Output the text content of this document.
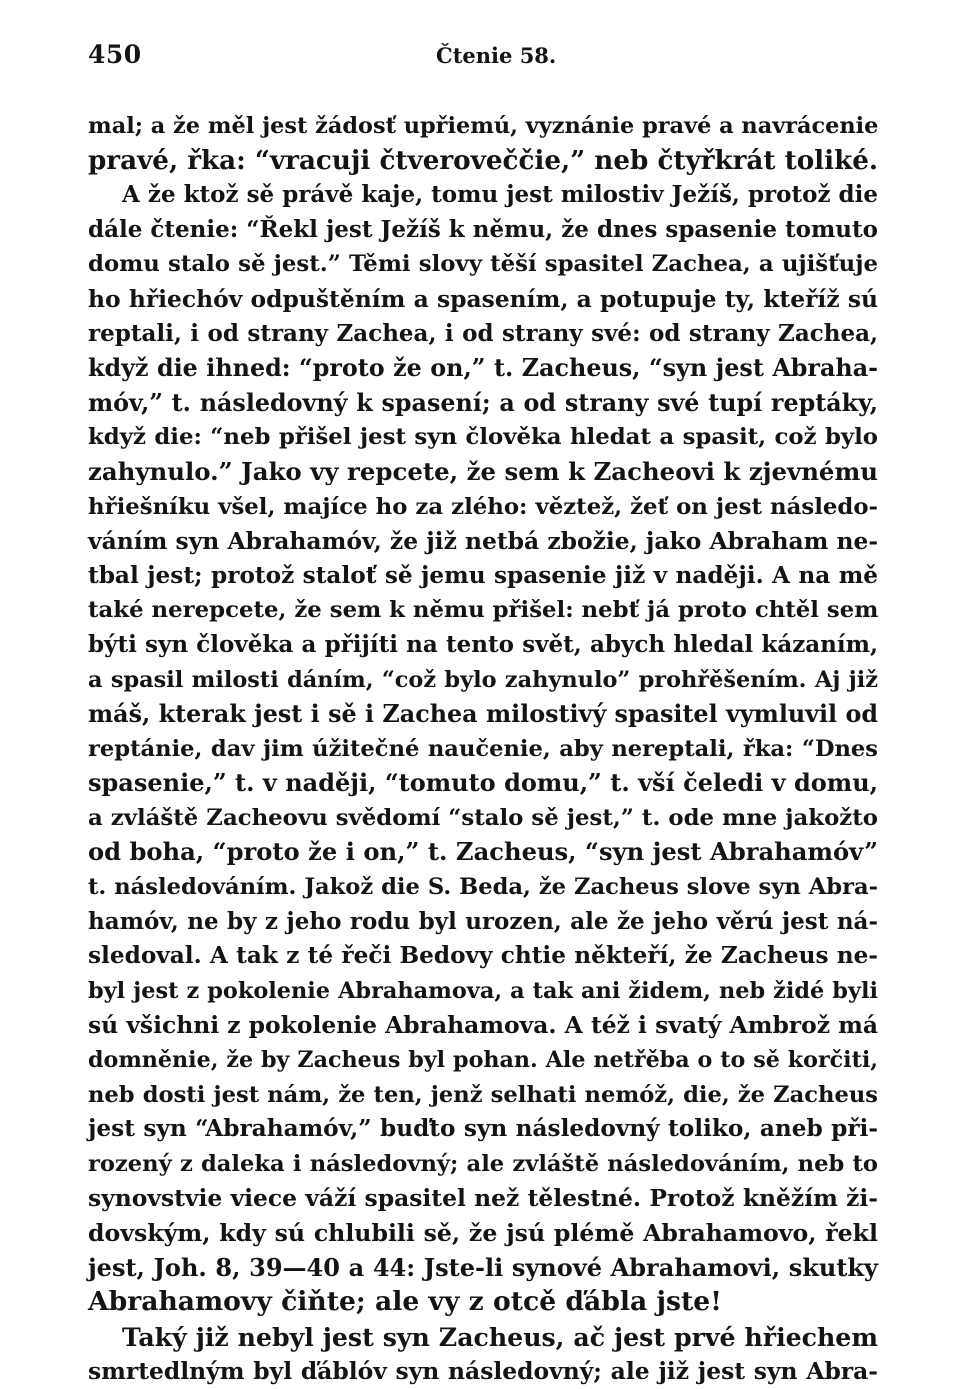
450	Čtenie 58.
mal; a že měl jest žádosť upřiemú, vyznánie pravé a navrácenie
pravé, řka: “vracuji čtveroveččie,” neb čtyřkrát toliké.
A že ktož sě právě kaje, tomu jest milostiv Ježíš, protož die
dále čtenie: “Řekl jest Ježíš k němu, že dnes spasenie tomuto
domu stalo sě jest.” Těmi slovy těší spasitel Zachea, a ujišťuje
ho hřiechóv odpuštěním a spasením, a potupuje ty, kteříž sú
reptali, i od strany Zachea, i od strany své: od strany Zachea,
když die ihned: “proto že on,” t. Zacheus, “syn jest Abraha-
móv,” t. následovný k spasení; a od strany své tupí reptáky,
když die: “neb přišel jest syn člověka hledat a spasit, což bylo
zahynulo.” Jako vy repcete, že sem k Zacheovi k zjevnému
hřiešníku všel, majíce ho za zlého: věztež, žeť on jest následo-
váním syn Abrahamóv, že již netbá zbožie, jako Abraham ne-
tbal jest; protož staloť sě jemu spasenie již v naději. A na mě
také nerepcete, že sem k němu přišel: nebť já proto chtěl sem
býti syn člověka a přijíti na tento svět, abych hledal kázaním,
a spasil milosti dáním, “což bylo zahynulo” prohřěšením. Aj již
máš, kterak jest i sě i Zachea milostivý spasitel vymluvil od
reptánie, dav jim úžitečné naučenie, aby nereptali, řka: “Dnes
spasenie,” t. v naději, “tomuto domu,” t. vší čeledi v domu,
a zvláště Zacheovu svědomí “stalo sě jest,” t. ode mne jakožto
od boha, “proto že i on,” t. Zacheus, “syn jest Abrahamóv”
t. následováním. Jakož die S. Beda, že Zacheus slove syn Abra-
hamóv, ne by z jeho rodu byl urozen, ale že jeho věrú jest ná-
sledoval. A tak z té řeči Bedovy chtie někteří, že Zacheus ne-
byl jest z pokolenie Abrahamova, a tak ani židem, neb židé byli
sú všichni z pokolenie Abrahamova. A též i svatý Ambrož má
domněnie, že by Zacheus byl pohan. Ale netřěba o to sě korčiti,
neb dosti jest nám, že ten, jenž selhati nemóž, die, že Zacheus
jest syn “Abrahamóv,” buďto syn následovný toliko, aneb při-
rozený z daleka i následovný; ale zvláště následováním, neb to
synovstvie viece váží spasitel než tělestné. Protož kněžím ži-
dovským, kdy sú chlubili sě, že jsú plémě Abrahamovo, řekl
jest, Joh. 8, 39—40 a 44: Jste-li synové Abrahamovi, skutky
Abrahamovy čiňte; ale vy z otcě ďábla jste!
Taký již nebyl jest syn Zacheus, ač jest prvé hřiechem
smrtedlným byl ďáblóv syn následovný; ale již jest syn Abra-
